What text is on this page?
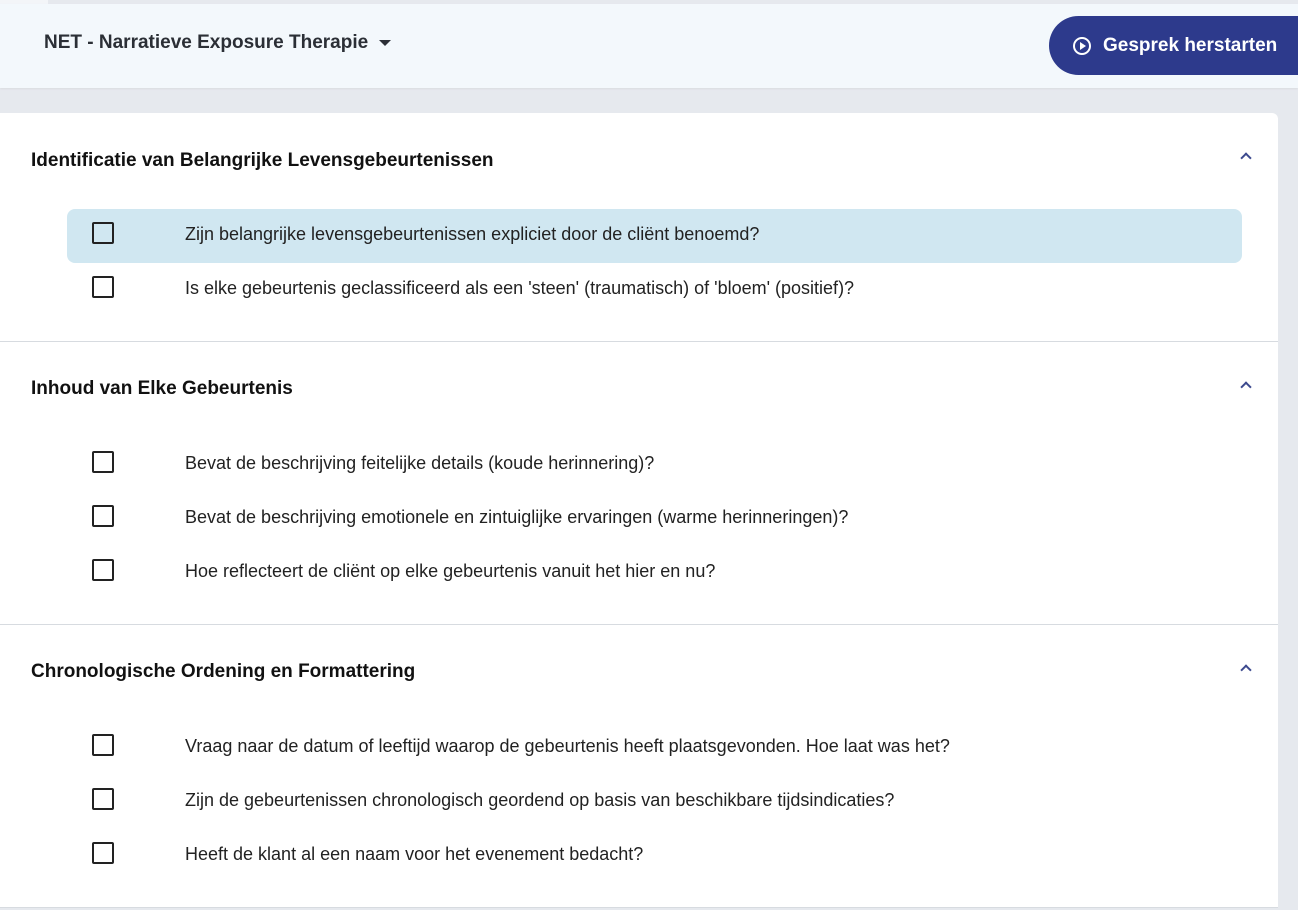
NET - Narratieve Exposure Therapie	Gesprek herstarten
Identificatie van Belangrijke Levensgebeurtenissen
Zijn belangrijke levensgebeurtenissen expliciet door de cliënt benoemd?
Is elke gebeurtenis geclassificeerd als een 'steen' (traumatisch) of 'bloem' (positief)?
Inhoud van Elke Gebeurtenis
Bevat de beschrijving feitelijke details (koude herinnering)?
Bevat de beschrijving emotionele en zintuiglijke ervaringen (warme herinneringen)?
Hoe reflecteert de cliënt op elke gebeurtenis vanuit het hier en nu?
Chronologische Ordening en Formattering
Vraag naar de datum of leeftijd waarop de gebeurtenis heeft plaatsgevonden. Hoe laat was het?
Zijn de gebeurtenissen chronologisch geordend op basis van beschikbare tijdsindicaties?
Heeft de klant al een naam voor het evenement bedacht?
